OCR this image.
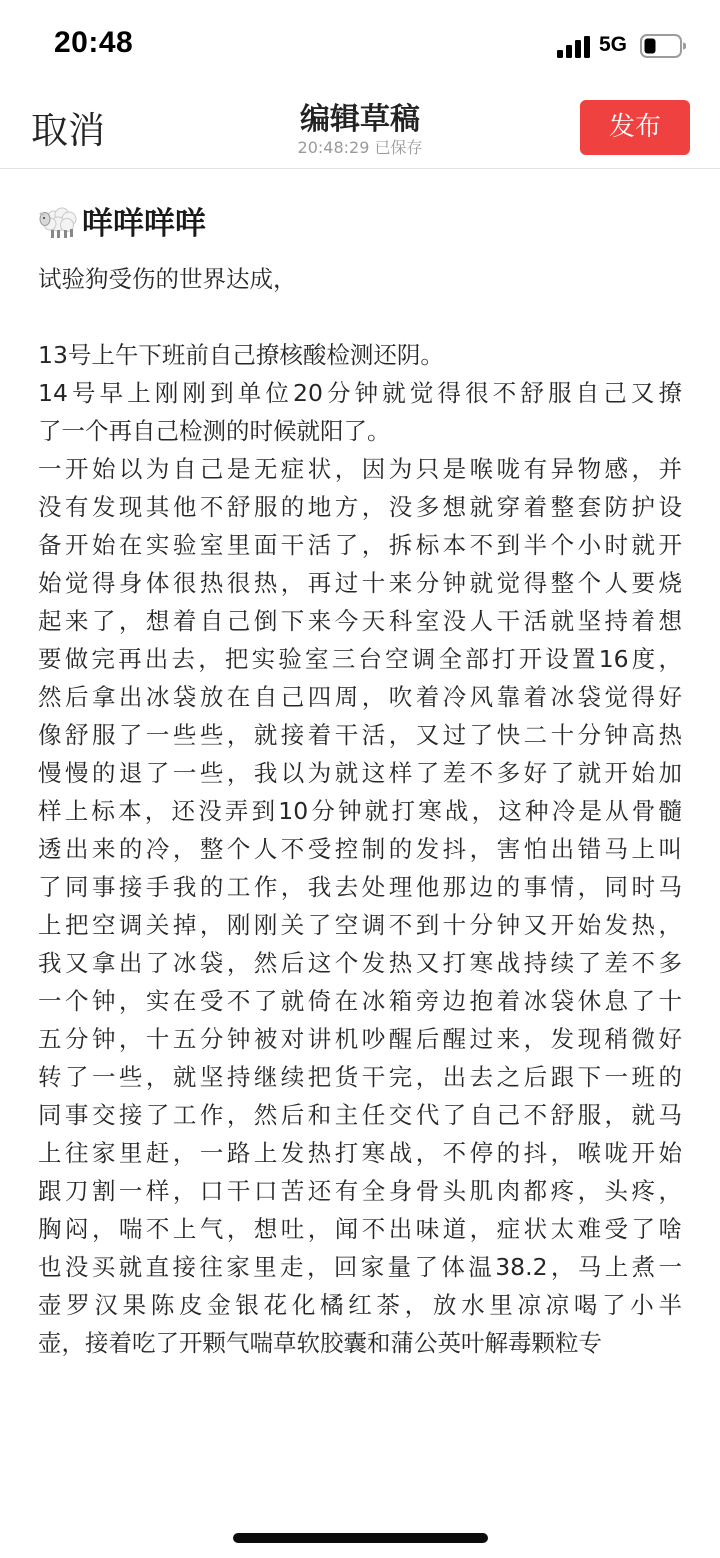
20:48	5G
取消	编辑草稿
20:48:29 已保存
发布
咩咩咩咩
试验狗受伤的世界达成，
13号上午下班前自己撩核酸检测还阴。
14号早上刚刚到单位20分钟就觉得很不舒服自己又撩
了一个再自己检测的时候就阳了。
一开始以为自己是无症状，因为只是喉咙有异物感，并
没有发现其他不舒服的地方，没多想就穿着整套防护设
备开始在实验室里面干活了，拆标本不到半个小时就开
始觉得身体很热很热，再过十来分钟就觉得整个人要烧
起来了，想着自己倒下来今天科室没人干活就坚持着想
要做完再出去，把实验室三台空调全部打开设置16度，
然后拿出冰袋放在自己四周，吹着冷风靠着冰袋觉得好
像舒服了一些些，就接着干活，又过了快二十分钟高热
慢慢的退了一些，我以为就这样了差不多好了就开始加
样上标本，还没弄到10分钟就打寒战，这种冷是从骨髓
透出来的冷，整个人不受控制的发抖，害怕出错马上叫
了同事接手我的工作，我去处理他那边的事情，同时马
上把空调关掉，刚刚关了空调不到十分钟又开始发热，
我又拿出了冰袋，然后这个发热又打寒战持续了差不多
一个钟，实在受不了就倚在冰箱旁边抱着冰袋休息了十
五分钟，十五分钟被对讲机吵醒后醒过来，发现稍微好
转了一些，就坚持继续把货干完，出去之后跟下一班的
同事交接了工作，然后和主任交代了自己不舒服，就马
上往家里赶，一路上发热打寒战，不停的抖，喉咙开始
跟刀割一样，口干口苦还有全身骨头肌肉都疼，头疼，
胸闷，喘不上气，想吐，闻不出味道，症状太难受了啥
也没买就直接往家里走，回家量了体温38.2，马上煮一
壶罗汉果陈皮金银花化橘红茶，放水里凉凉喝了小半
壶，接着吃了开颗气喘草软胶囊和蒲公英叶解毒颗粒专
